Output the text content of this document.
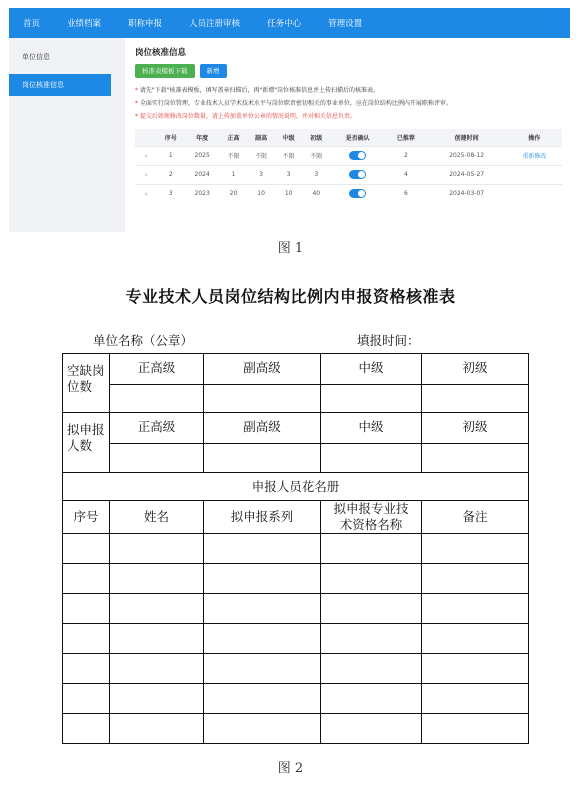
首页	业绩档案	职称申报	人员注册审核	任务中心	管理设置
单位信息
岗位核准信息
岗位核准信息
核准表模板下载	新增
* 请先"下载"核准表模板，填写盖章扫描后，再"新增"岗位核准信息并上传扫描后的核准表。
* 全面实行岗位管理、专业技术人员学术技术水平与岗位职责密切相关的事业单位，应在岗位结构比例内开展职称评审。
* 提交后如须修改岗位数量，请上传加盖单位公章的情况说明，并对相关信息负责。
	序号	年度	正高	副高	中级	初级	是否确认	已推荐	创建时间	操作
›	1	2025	不限	不限	不限	不限		2	2025-08-12	重新修改
›	2	2024	1	3	3	3		4	2024-05-27	
›	3	2023	20	10	10	40		6	2024-03-07	
图 1
专业技术人员岗位结构比例内申报资格核准表
单位名称（公章）	填报时间：
空缺岗位数	正高级	副高级	中级	初级

拟申报人数	正高级	副高级	中级	初级

申报人员花名册				
序号	姓名	拟申报系列	拟申报专业技术资格名称	备注

图 2
